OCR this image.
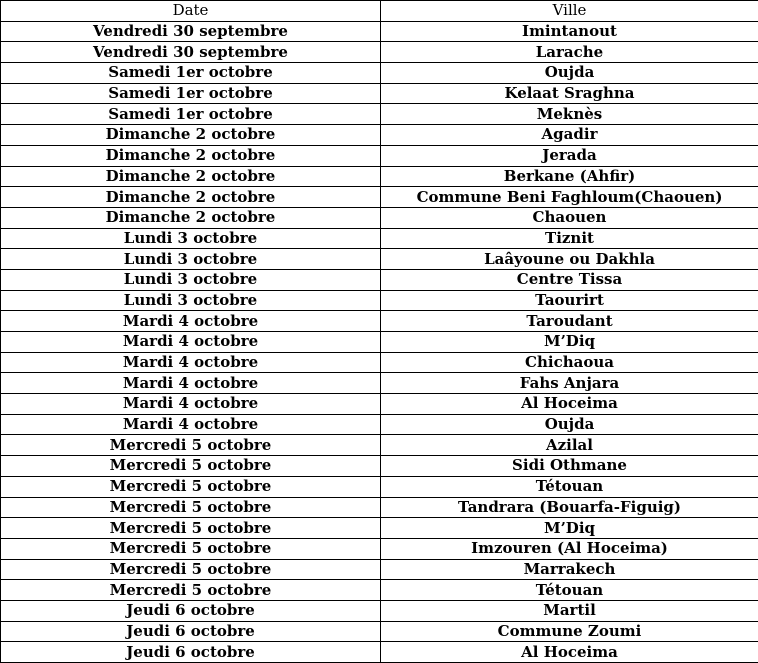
Date	Ville
Vendredi 30 septembre	Imintanout
Vendredi 30 septembre	Larache
Samedi 1er octobre	Oujda
Samedi 1er octobre	Kelaat Sraghna
Samedi 1er octobre	Meknès
Dimanche 2 octobre	Agadir
Dimanche 2 octobre	Jerada
Dimanche 2 octobre	Berkane (Ahfir)
Dimanche 2 octobre	Commune Beni Faghloum(Chaouen)
Dimanche 2 octobre	Chaouen
Lundi 3 octobre	Tiznit
Lundi 3 octobre	Laâyoune ou Dakhla
Lundi 3 octobre	Centre Tissa
Lundi 3 octobre	Taourirt
Mardi 4 octobre	Taroudant
Mardi 4 octobre	M’Diq
Mardi 4 octobre	Chichaoua
Mardi 4 octobre	Fahs Anjara
Mardi 4 octobre	Al Hoceima
Mardi 4 octobre	Oujda
Mercredi 5 octobre	Azilal
Mercredi 5 octobre	Sidi Othmane
Mercredi 5 octobre	Tétouan
Mercredi 5 octobre	Tandrara (Bouarfa-Figuig)
Mercredi 5 octobre	M’Diq
Mercredi 5 octobre	Imzouren (Al Hoceima)
Mercredi 5 octobre	Marrakech
Mercredi 5 octobre	Tétouan
Jeudi 6 octobre	Martil
Jeudi 6 octobre	Commune Zoumi
Jeudi 6 octobre	Al Hoceima
